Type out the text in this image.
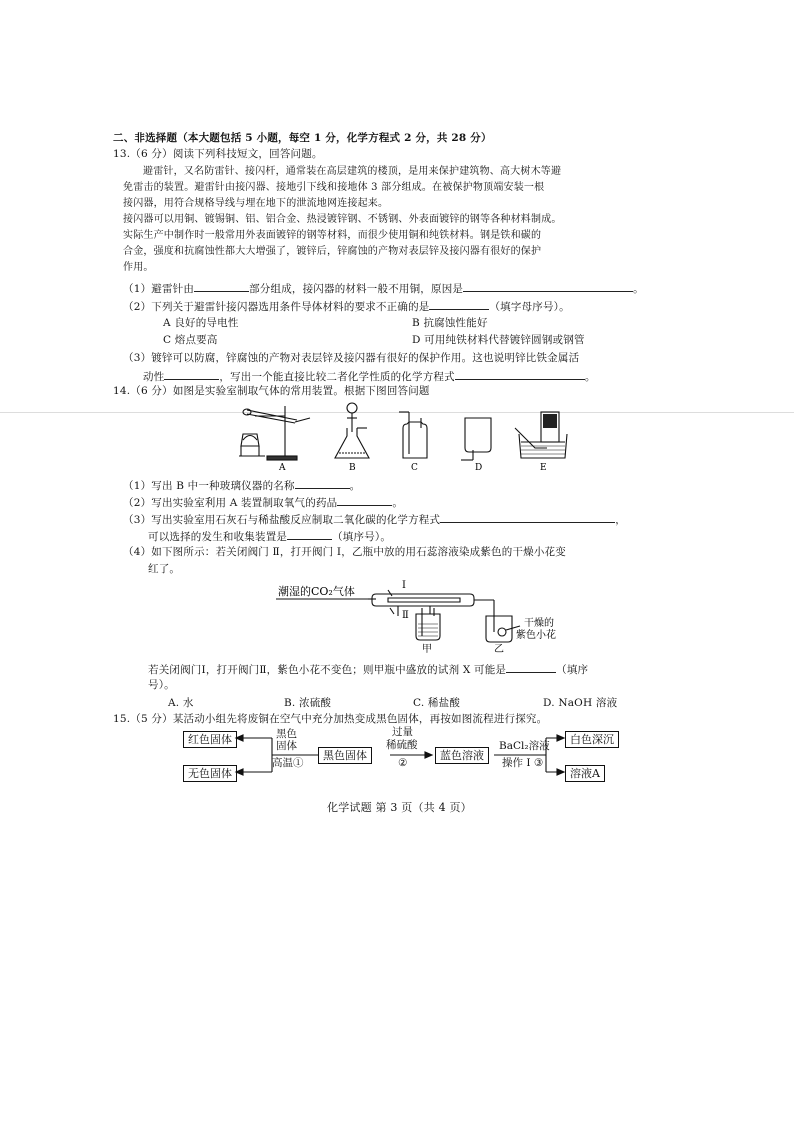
二、非选择题（本大题包括 5 小题，每空 1 分，化学方程式 2 分，共 28 分）
13.（6 分）阅读下列科技短文，回答问题。
避雷针，又名防雷针、接闪杆，通常装在高层建筑的楼顶，是用来保护建筑物、高大树木等避
免雷击的装置。避雷针由接闪器、接地引下线和接地体 3 部分组成。在被保护物顶端安装一根
接闪器，用符合规格导线与埋在地下的泄流地网连接起来。
接闪器可以用铜、镀锡铜、铝、铝合金、热浸镀锌钢、不锈钢、外表面镀锌的钢等各种材料制成。
实际生产中制作时一般常用外表面镀锌的钢等材料，而很少使用铜和纯铁材料。钢是铁和碳的
合金，强度和抗腐蚀性都大大增强了，镀锌后，锌腐蚀的产物对表层锌及接闪器有很好的保护
作用。
（1）避雷针由	部分组成，接闪器的材料一般不用铜，原因是	。
（2）下列关于避雷针接闪器选用条件导体材料的要求不正确的是	（填字母序号）。
A 良好的导电性	B 抗腐蚀性能好
C 熔点要高	D 可用纯铁材料代替镀锌圆钢或钢管
（3）镀锌可以防腐，锌腐蚀的产物对表层锌及接闪器有很好的保护作用。这也说明锌比铁金属活
动性	，写出一个能直接比较二者化学性质的化学方程式	。
14.（6 分）如图是实验室制取气体的常用装置。根据下图回答问题
A	B	C	D	E
（1）写出 B 中一种玻璃仪器的名称	。
（2）写出实验室利用 A 装置制取氧气的药品	。
（3）写出实验室用石灰石与稀盐酸反应制取二氧化碳的化学方程式	，
可以选择的发生和收集装置是	（填序号）。
（4）如下图所示：若关闭阀门 Ⅱ，打开阀门 Ⅰ，乙瓶中放的用石蕊溶液染成紫色的干燥小花变
红了。
潮湿的CO₂气体	Ⅰ
Ⅱ
甲	乙
干燥的
紫色小花
若关闭阀门Ⅰ，打开阀门Ⅱ，紫色小花不变色；则甲瓶中盛放的试剂 X 可能是	（填序
号）。
A. 水	B. 浓硫酸	C. 稀盐酸	D. NaOH 溶液
15.（5 分）某活动小组先将废铜在空气中充分加热变成黑色固体，再按如图流程进行探究。
红色固体
无色固体
黑色固体	蓝色溶液
白色深沉
溶液A
黑色
固体
高温①
过量
稀硫酸
②
BaCl₂溶液
操作 Ⅰ ③
化学试题 第 3 页（共 4 页）
